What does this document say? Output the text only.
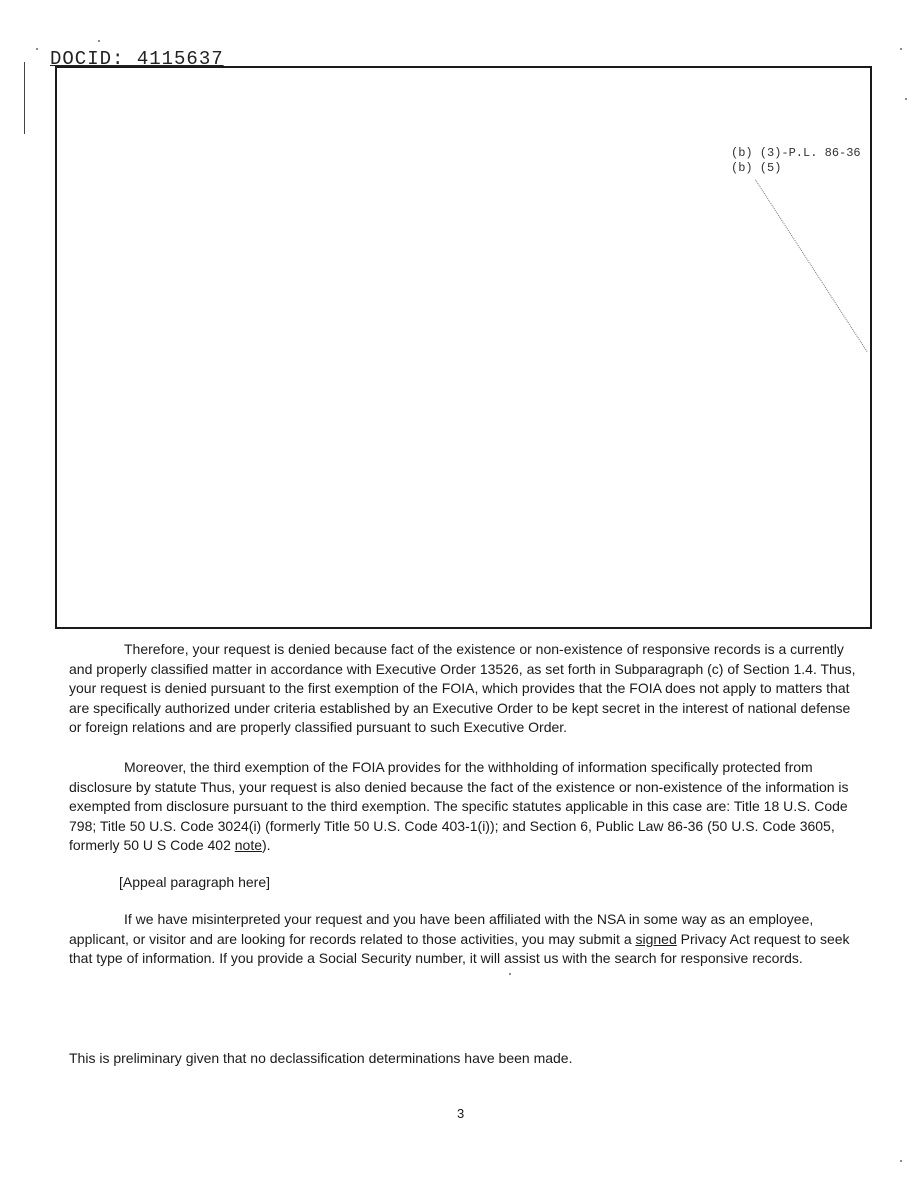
DOCID: 4115637
(b) (3)-P.L. 86-36
(b) (5)

Therefore, your request is denied because fact of the existence or non-existence of responsive records is a currently and properly classified matter in accordance with Executive Order 13526, as set forth in Subparagraph (c) of Section 1.4. Thus, your request is denied pursuant to the first exemption of the FOIA, which provides that the FOIA does not apply to matters that are specifically authorized under criteria established by an Executive Order to be kept secret in the interest of national defense or foreign relations and are properly classified pursuant to such Executive Order.

Moreover, the third exemption of the FOIA provides for the withholding of information specifically protected from disclosure by statute Thus, your request is also denied because the fact of the existence or non-existence of the information is exempted from disclosure pursuant to the third exemption. The specific statutes applicable in this case are: Title 18 U.S. Code 798; Title 50 U.S. Code 3024(i) (formerly Title 50 U.S. Code 403-1(i)); and Section 6, Public Law 86-36 (50 U.S. Code 3605, formerly 50 U S Code 402 note).

[Appeal paragraph here]

If we have misinterpreted your request and you have been affiliated with the NSA in some way as an employee, applicant, or visitor and are looking for records related to those activities, you may submit a signed Privacy Act request to seek that type of information. If you provide a Social Security number, it will assist us with the search for responsive records.

This is preliminary given that no declassification determinations have been made.
3
